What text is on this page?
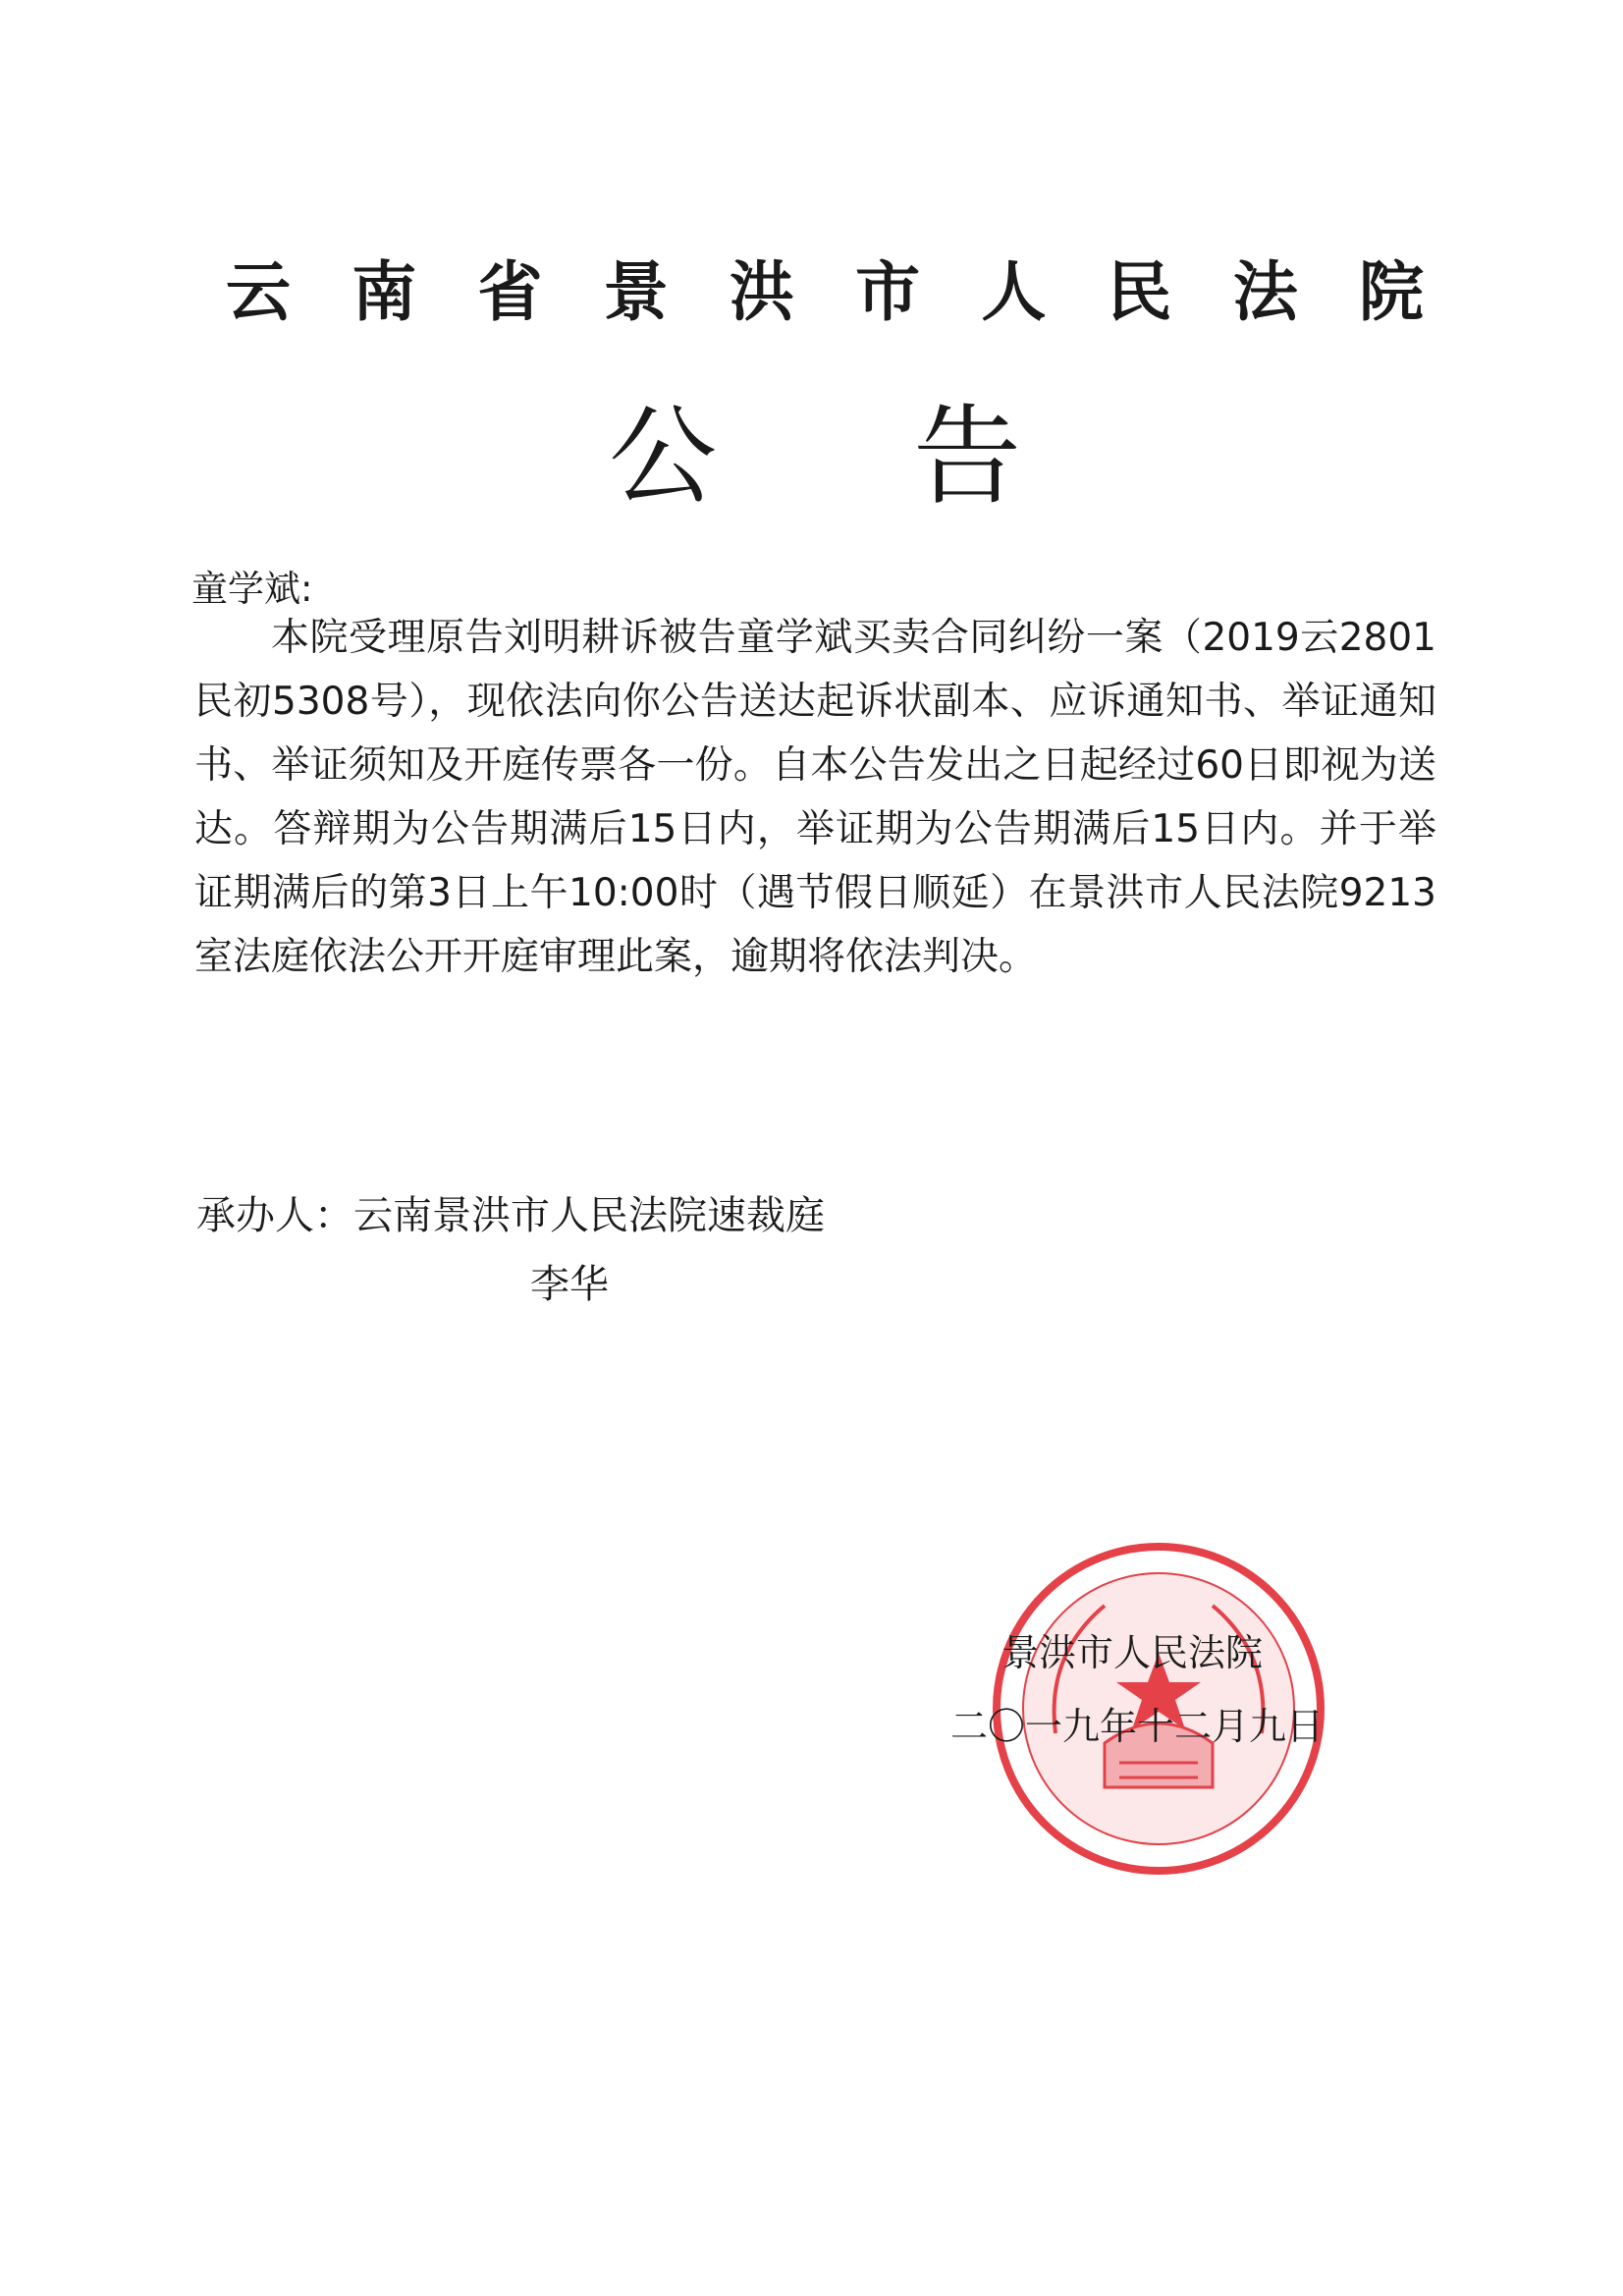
云 南 省 景 洪 市 人 民 法 院
公 告
童学斌:
本院受理原告刘明耕诉被告童学斌买卖合同纠纷一案（2019云2801民初5308号），现依法向你公告送达起诉状副本、应诉通知书、举证通知书、举证须知及开庭传票各一份。自本公告发出之日起经过60日即视为送达。答辩期为公告期满后15日内，举证期为公告期满后15日内。并于举证期满后的第3日上午10:00时（遇节假日顺延）在景洪市人民法院9213室法庭依法公开开庭审理此案，逾期将依法判决。
承办人：云南景洪市人民法院速裁庭
李华
景洪市人民法院
二〇一九年十二月九日
